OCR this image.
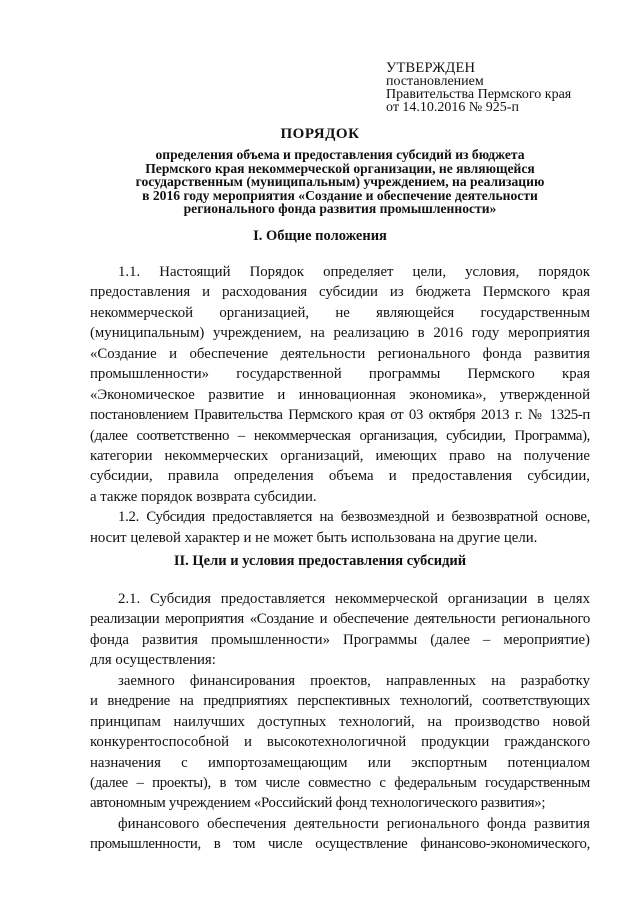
УТВЕРЖДЕН
постановлением
Правительства Пермского края
от 14.10.2016 № 925-п
ПОРЯДОК
определения объема и предоставления субсидий из бюджета
Пермского края некоммерческой организации, не являющейся
государственным (муниципальным) учреждением, на реализацию
в 2016 году мероприятия «Создание и обеспечение деятельности
регионального фонда развития промышленности»
I. Общие положения
1.1. Настоящий Порядок определяет цели, условия, порядок
предоставления и расходования субсидии из бюджета Пермского края
некоммерческой организацией, не являющейся государственным
(муниципальным) учреждением, на реализацию в 2016 году мероприятия
«Создание и обеспечение деятельности регионального фонда развития
промышленности» государственной программы Пермского края
«Экономическое развитие и инновационная экономика», утвержденной
постановлением Правительства Пермского края от 03 октября 2013 г. № 1325-п
(далее соответственно – некоммерческая организация, субсидии, Программа),
категории некоммерческих организаций, имеющих право на получение
субсидии, правила определения объема и предоставления субсидии,
а также порядок возврата субсидии.
1.2. Субсидия предоставляется на безвозмездной и безвозвратной основе,
носит целевой характер и не может быть использована на другие цели.
II. Цели и условия предоставления субсидий
2.1. Субсидия предоставляется некоммерческой организации в целях
реализации мероприятия «Создание и обеспечение деятельности регионального
фонда развития промышленности» Программы (далее – мероприятие)
для осуществления:
заемного финансирования проектов, направленных на разработку
и внедрение на предприятиях перспективных технологий, соответствующих
принципам наилучших доступных технологий, на производство новой
конкурентоспособной и высокотехнологичной продукции гражданского
назначения с импортозамещающим или экспортным потенциалом
(далее – проекты), в том числе совместно с федеральным государственным
автономным учреждением «Российский фонд технологического развития»;
финансового обеспечения деятельности регионального фонда развития
промышленности, в том числе осуществление финансово-экономического,
